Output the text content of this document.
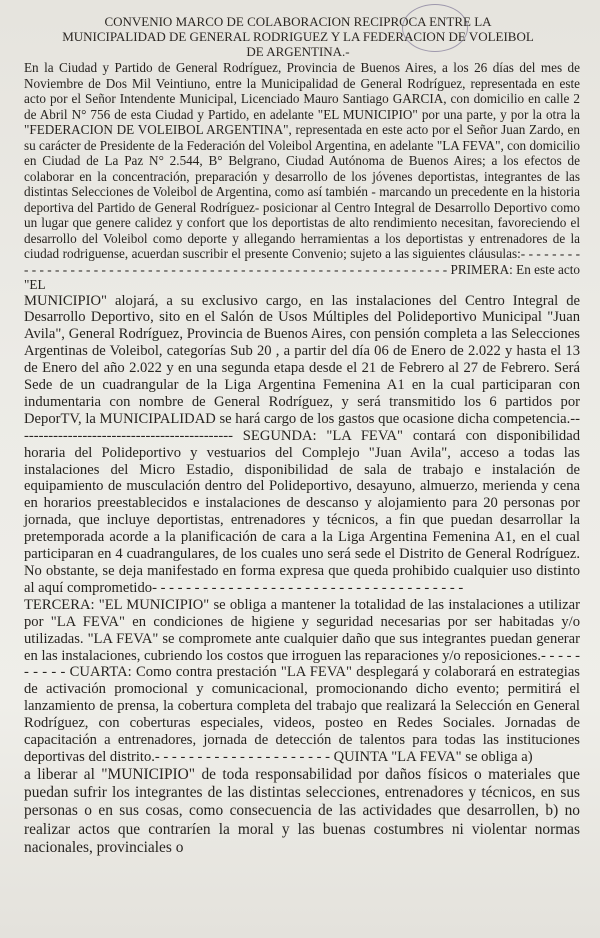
CONVENIO MARCO DE COLABORACION RECIPROCA ENTRE LA
MUNICIPALIDAD DE GENERAL RODRIGUEZ Y LA FEDERACION DE VOLEIBOL
DE ARGENTINA.-

En la Ciudad y Partido de General Rodríguez, Provincia de Buenos Aires, a los 26 días del mes de Noviembre de Dos Mil Veintiuno, entre la Municipalidad de General Rodríguez, representada en este acto por el Señor Intendente Municipal, Licenciado Mauro Santiago GARCIA, con domicilio en calle 2 de Abril N° 756 de esta Ciudad y Partido, en adelante "EL MUNICIPIO" por una parte, y por la otra la "FEDERACION DE VOLEIBOL ARGENTINA", representada en este acto por el Señor Juan Zardo, en su carácter de Presidente de la Federación del Voleibol Argentina, en adelante "LA FEVA", con domicilio en Ciudad de La Paz N° 2.544, B° Belgrano, Ciudad Autónoma de Buenos Aires; a los efectos de colaborar en la concentración, preparación y desarrollo de los jóvenes deportistas, integrantes de las distintas Selecciones de Voleibol de Argentina, como así también - marcando un precedente en la historia deportiva del Partido de General Rodríguez- posicionar al Centro Integral de Desarrollo Deportivo como un lugar que genere calidez y confort que los deportistas de alto rendimiento necesitan, favoreciendo el desarrollo del Voleibol como deporte y allegando herramientas a los deportistas y entrenadores de la ciudad rodriguense, acuerdan suscribir el presente Convenio; sujeto a las siguientes cláusulas:- - - - - - - - - - - - - - - - - - - - - - - - - - - - - - - - - - - - - - - - - - - - - - - - - - - - - - - - - - - - - - - PRIMERA: En este acto "EL

MUNICIPIO" alojará, a su exclusivo cargo, en las instalaciones del Centro Integral de Desarrollo Deportivo, sito en el Salón de Usos Múltiples del Polideportivo Municipal "Juan Avila", General Rodríguez, Provincia de Buenos Aires, con pensión completa a las Selecciones Argentinas de Voleibol, categorías Sub 20 , a partir del día 06 de Enero de 2.022 y hasta el 13 de Enero del año 2.022 y en una segunda etapa desde el 21 de Febrero al 27 de Febrero. Será Sede de un cuadrangular de la Liga Argentina Femenina A1 en la cual participaran con indumentaria con nombre de General Rodríguez, y será transmitido los 6 partidos por DeporTV, la MUNICIPALIDAD se hará cargo de los gastos que ocasione dicha competencia.--------------------------------------------- SEGUNDA: "LA FEVA" contará con disponibilidad horaria del Polideportivo y vestuarios del Complejo "Juan Avila", acceso a todas las instalaciones del Micro Estadio, disponibilidad de sala de trabajo e instalación de equipamiento de musculación dentro del Polideportivo, desayuno, almuerzo, merienda y cena en horarios preestablecidos e instalaciones de descanso y alojamiento para 20 personas por jornada, que incluye deportistas, entrenadores y técnicos, a fin que puedan desarrollar la pretemporada acorde a la planificación de cara a la Liga Argentina Femenina A1, en el cual participaran en 4 cuadrangulares, de los cuales uno será sede el Distrito de General Rodríguez. No obstante, se deja manifestado en forma expresa que queda prohibido cualquier uso distinto al aquí comprometido- - - - - - - - - - - - - - - - - - - - - - - - - - - - - - - - - - - - -

TERCERA: "EL MUNICIPIO" se obliga a mantener la totalidad de las instalaciones a utilizar por "LA FEVA" en condiciones de higiene y seguridad necesarias por ser habitadas y/o utilizadas. "LA FEVA" se compromete ante cualquier daño que sus integrantes puedan generar en las instalaciones, cubriendo los costos que irroguen las reparaciones y/o reposiciones.- - - - - - - - - - CUARTA: Como contra prestación "LA FEVA" desplegará y colaborará en estrategias de activación promocional y comunicacional, promocionando dicho evento; permitirá el lanzamiento de prensa, la cobertura completa del trabajo que realizará la Selección en General Rodríguez, con coberturas especiales, videos, posteo en Redes Sociales. Jornadas de capacitación a entrenadores, jornada de detección de talentos para todas las instituciones deportivas del distrito.- - - - - - - - - - - - - - - - - - - - - QUINTA "LA FEVA" se obliga a)

a liberar al "MUNICIPIO" de toda responsabilidad por daños físicos o materiales que puedan sufrir los integrantes de las distintas selecciones, entrenadores y técnicos, en sus personas o en sus cosas, como consecuencia de las actividades que desarrollen, b) no realizar actos que contraríen la moral y las buenas costumbres ni violentar normas nacionales, provinciales o
